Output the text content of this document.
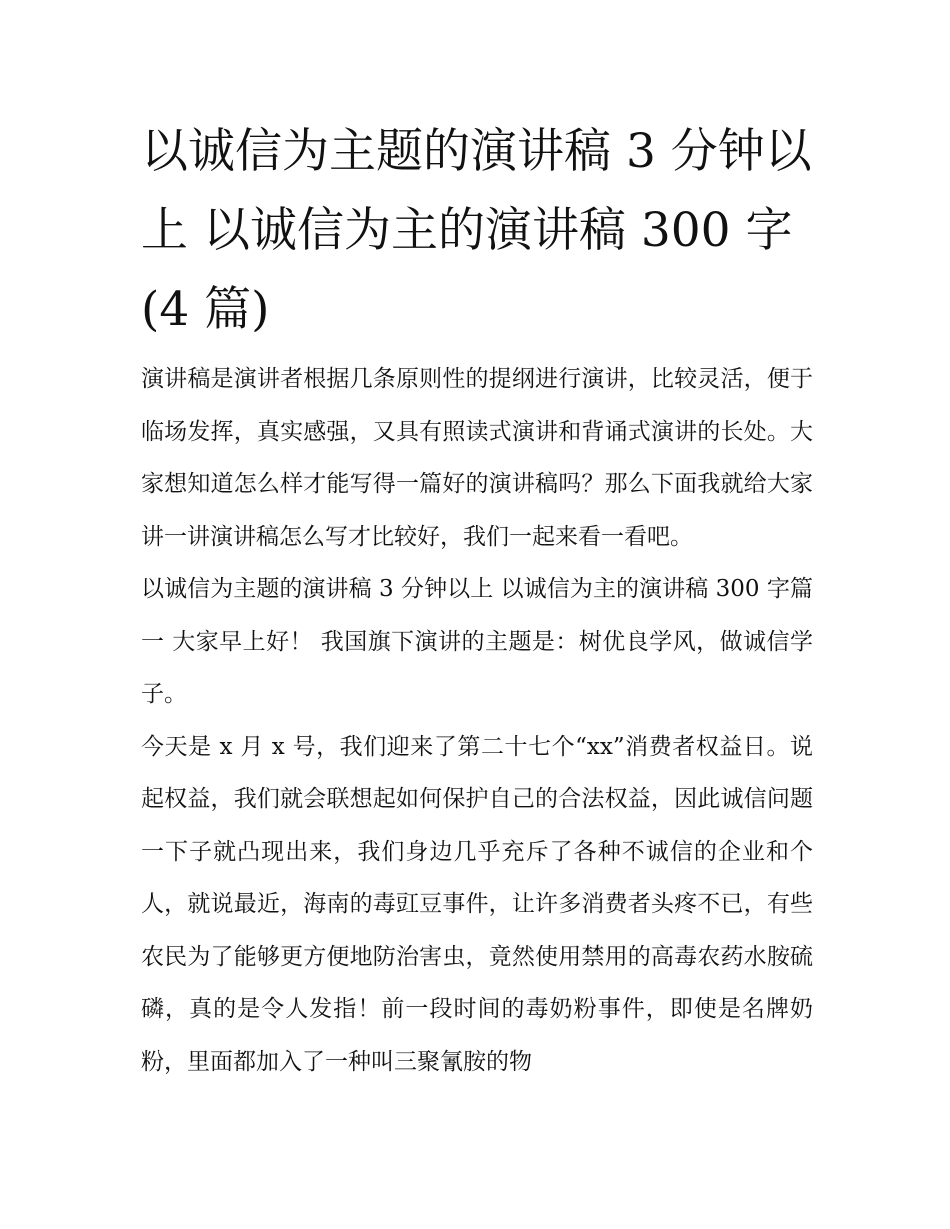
以诚信为主题的演讲稿 3 分钟以上 以诚信为主的演讲稿 300 字(4 篇)

演讲稿是演讲者根据几条原则性的提纲进行演讲，比较灵活，便于临场发挥，真实感强，又具有照读式演讲和背诵式演讲的长处。大家想知道怎么样才能写得一篇好的演讲稿吗？那么下面我就给大家讲一讲演讲稿怎么写才比较好，我们一起来看一看吧。

以诚信为主题的演讲稿 3 分钟以上 以诚信为主的演讲稿 300 字篇一 大家早上好！ 我国旗下演讲的主题是：树优良学风，做诚信学子。

今天是 x 月 x 号，我们迎来了第二十七个“xx”消费者权益日。说起权益，我们就会联想起如何保护自己的合法权益，因此诚信问题一下子就凸现出来，我们身边几乎充斥了各种不诚信的企业和个人，就说最近，海南的毒豇豆事件，让许多消费者头疼不已，有些农民为了能够更方便地防治害虫，竟然使用禁用的高毒农药水胺硫磷，真的是令人发指！前一段时间的毒奶粉事件，即使是名牌奶粉，里面都加入了一种叫三聚氰胺的物
